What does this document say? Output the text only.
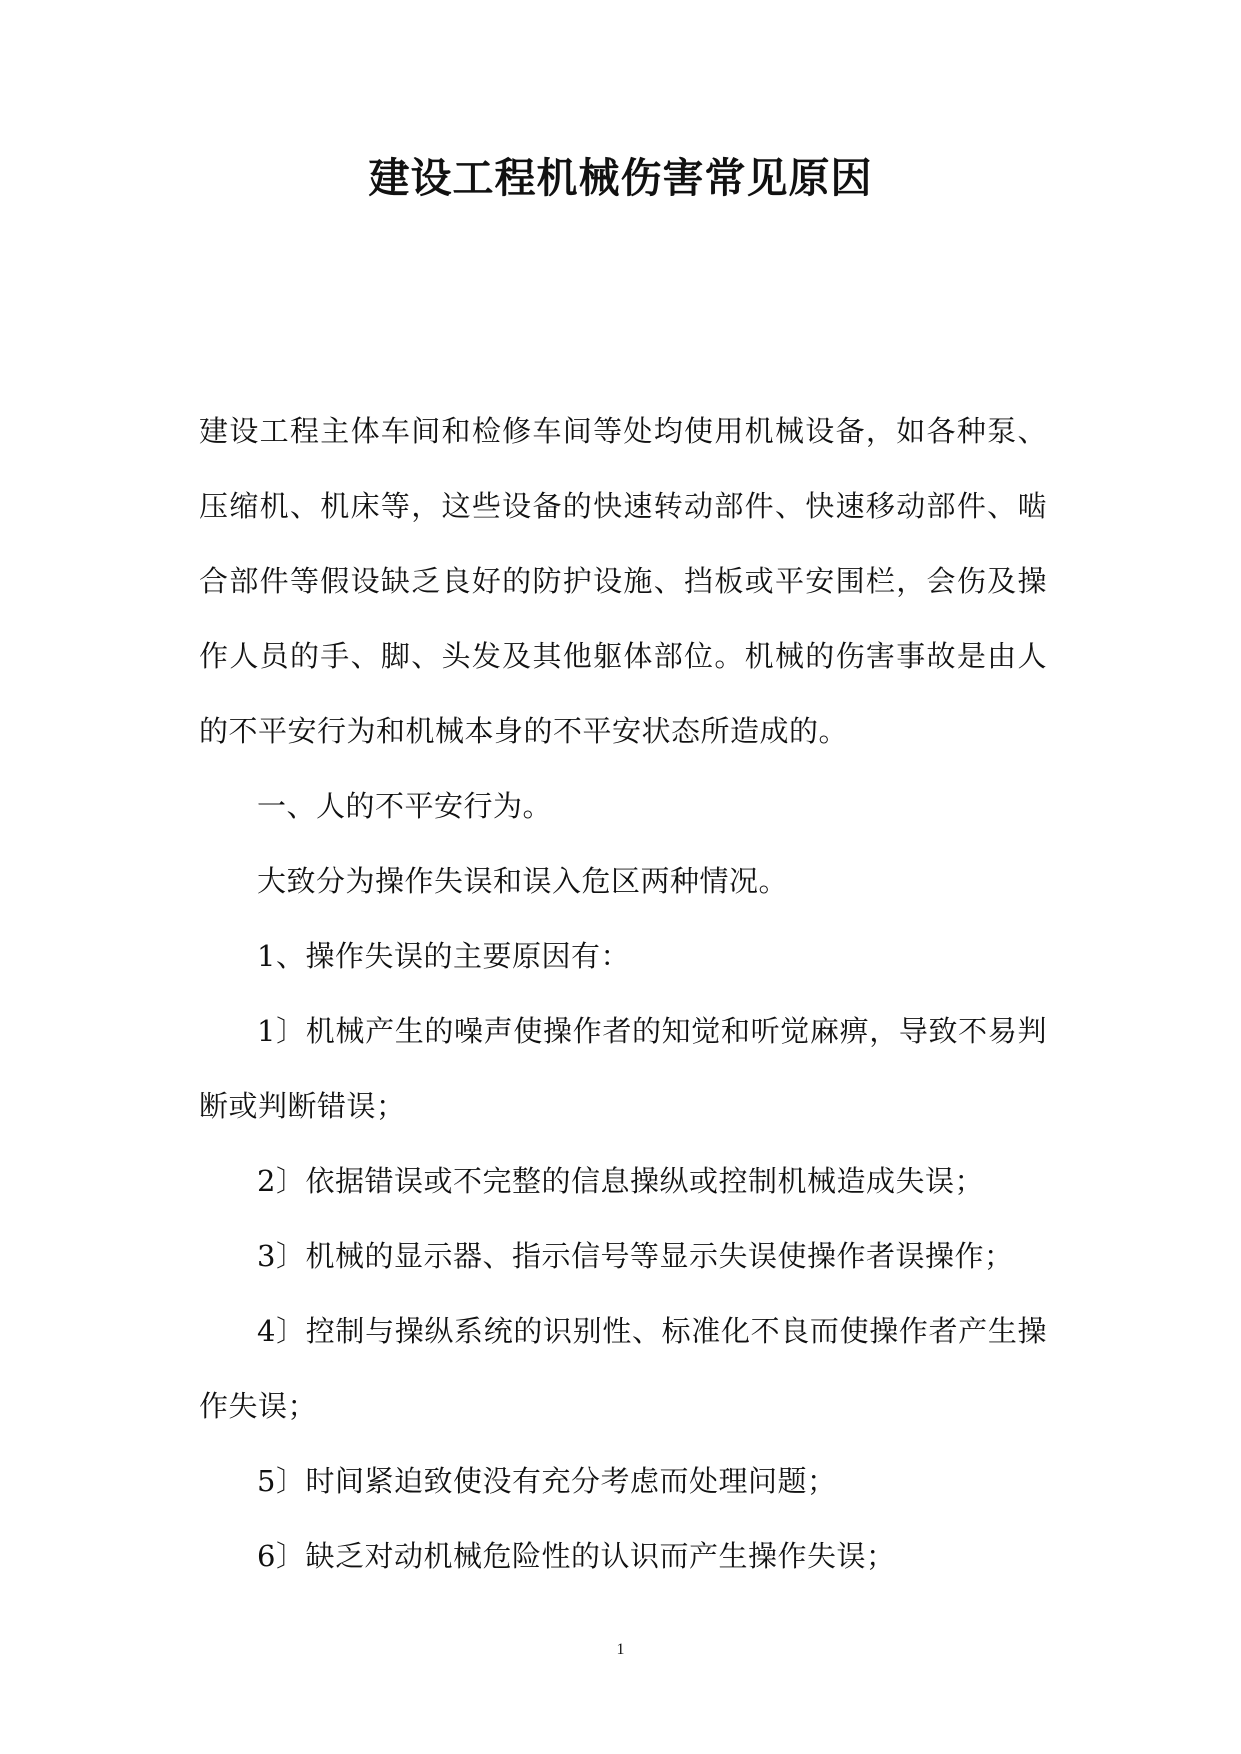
建设工程机械伤害常见原因

建设工程主体车间和检修车间等处均使用机械设备，如各种泵、压缩机、机床等，这些设备的快速转动部件、快速移动部件、啮合部件等假设缺乏良好的防护设施、挡板或平安围栏，会伤及操作人员的手、脚、头发及其他躯体部位。机械的伤害事故是由人的不平安行为和机械本身的不平安状态所造成的。

一、人的不平安行为。

大致分为操作失误和误入危区两种情况。

1、操作失误的主要原因有：

1〕机械产生的噪声使操作者的知觉和听觉麻痹，导致不易判断或判断错误；

2〕依据错误或不完整的信息操纵或控制机械造成失误；

3〕机械的显示器、指示信号等显示失误使操作者误操作；

4〕控制与操纵系统的识别性、标准化不良而使操作者产生操作失误；

5〕时间紧迫致使没有充分考虑而处理问题；

6〕缺乏对动机械危险性的认识而产生操作失误；

1
